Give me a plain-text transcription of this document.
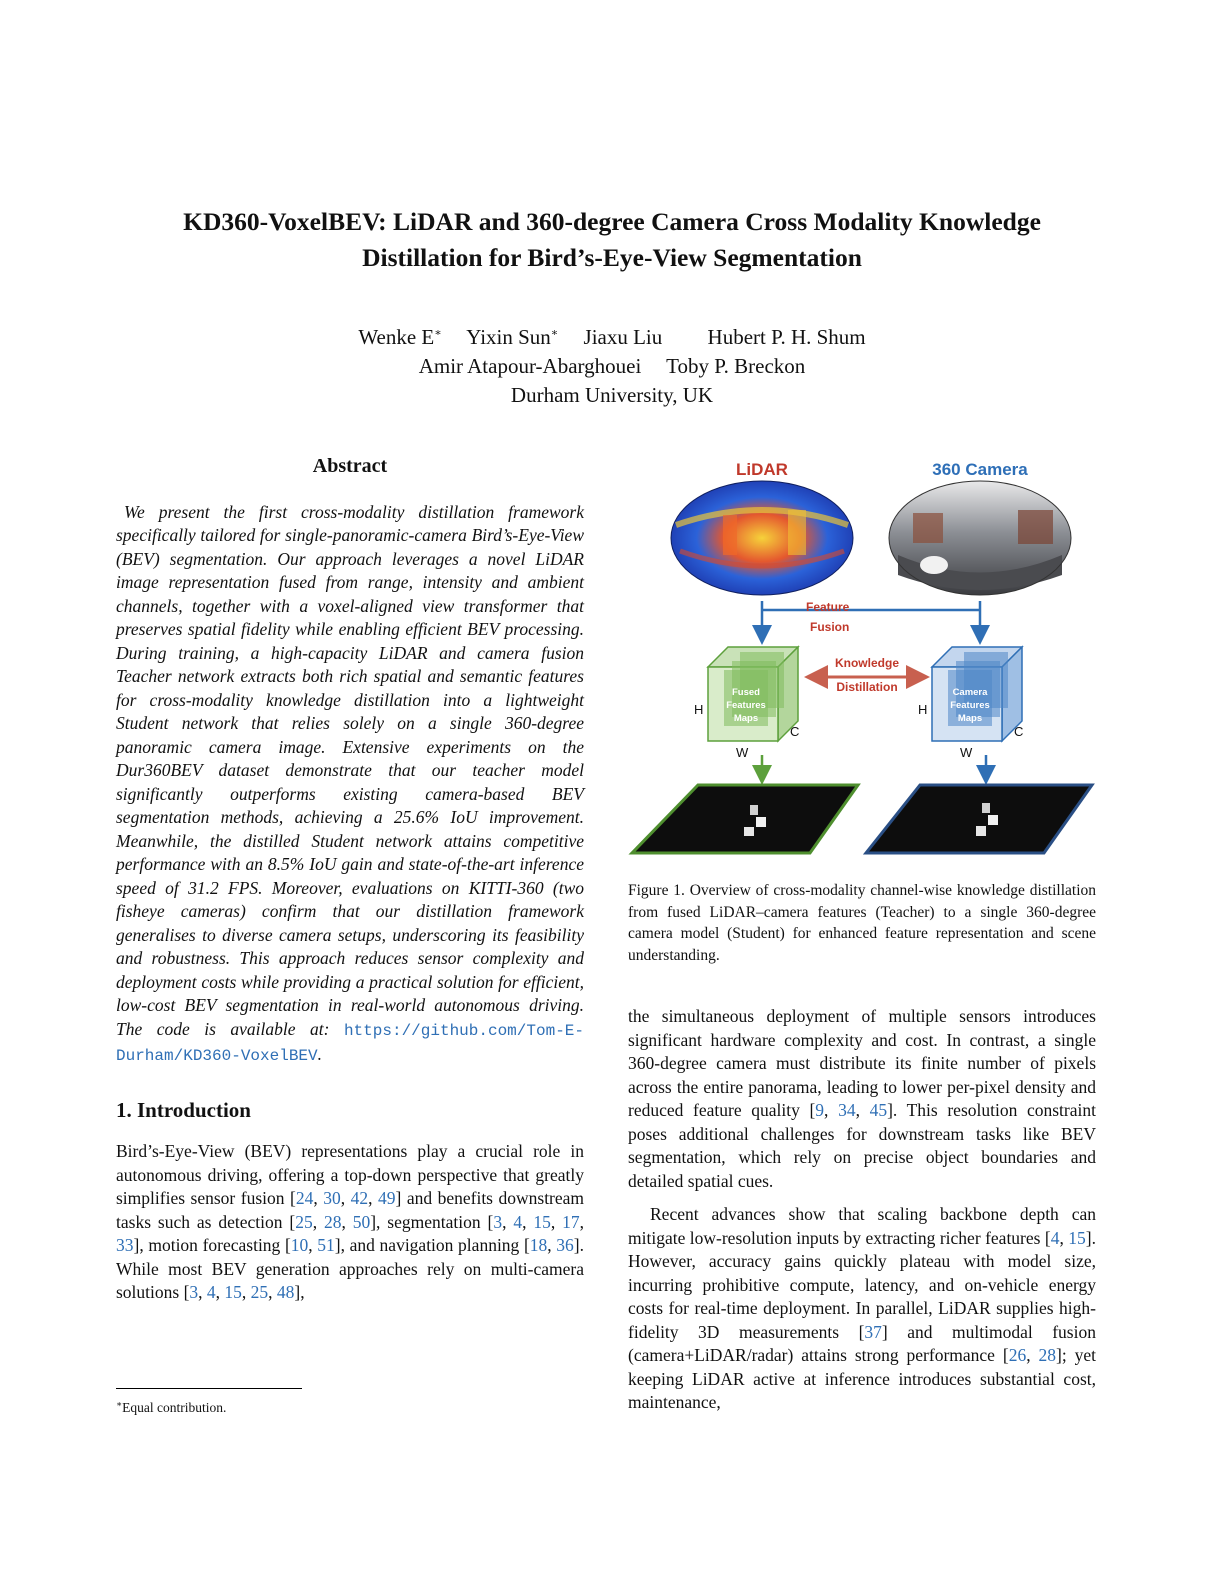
KD360-VoxelBEV: LiDAR and 360-degree Camera Cross Modality Knowledge
Distillation for Bird’s-Eye-View Segmentation
Wenke E∗ Yixin Sun∗ Jiaxu Liu Hubert P. H. Shum
Amir Atapour-Abarghouei Toby P. Breckon
Durham University, UK
Abstract

We present the first cross-modality distillation framework specifically tailored for single-panoramic-camera Bird’s-Eye-View (BEV) segmentation. Our approach leverages a novel LiDAR image representation fused from range, intensity and ambient channels, together with a voxel-aligned view transformer that preserves spatial fidelity while enabling efficient BEV processing. During training, a high-capacity LiDAR and camera fusion Teacher network extracts both rich spatial and semantic features for cross-modality knowledge distillation into a lightweight Student network that relies solely on a single 360-degree panoramic camera image. Extensive experiments on the Dur360BEV dataset demonstrate that our teacher model significantly outperforms existing camera-based BEV segmentation methods, achieving a 25.6% IoU improvement. Meanwhile, the distilled Student network attains competitive performance with an 8.5% IoU gain and state-of-the-art inference speed of 31.2 FPS. Moreover, evaluations on KITTI-360 (two fisheye cameras) confirm that our distillation framework generalises to diverse camera setups, underscoring its feasibility and robustness. This approach reduces sensor complexity and deployment costs while providing a practical solution for efficient, low-cost BEV segmentation in real-world autonomous driving. The code is available at: https://github.com/Tom-E-Durham/KD360-VoxelBEV.

1. Introduction

Bird’s-Eye-View (BEV) representations play a crucial role in autonomous driving, offering a top-down perspective that greatly simplifies sensor fusion [24, 30, 42, 49] and benefits downstream tasks such as detection [25, 28, 50], segmentation [3, 4, 15, 17, 33], motion forecasting [10, 51], and navigation planning [18, 36]. While most BEV generation approaches rely on multi-camera solutions [3, 4, 15, 25, 48],

∗Equal contribution.
LiDAR	360 Camera
Feature
Fusion
Fused
Features
Maps
H
W
C
Camera
Features
Maps
H
W
C
Knowledge
Distillation
Figure 1. Overview of cross-modality channel-wise knowledge distillation from fused LiDAR–camera features (Teacher) to a single 360-degree camera model (Student) for enhanced feature representation and scene understanding.

the simultaneous deployment of multiple sensors introduces significant hardware complexity and cost. In contrast, a single 360-degree camera must distribute its finite number of pixels across the entire panorama, leading to lower per-pixel density and reduced feature quality [9, 34, 45]. This resolution constraint poses additional challenges for downstream tasks like BEV segmentation, which rely on precise object boundaries and detailed spatial cues.

Recent advances show that scaling backbone depth can mitigate low-resolution inputs by extracting richer features [4, 15]. However, accuracy gains quickly plateau with model size, incurring prohibitive compute, latency, and on-vehicle energy costs for real-time deployment. In parallel, LiDAR supplies high-fidelity 3D measurements [37] and multimodal fusion (camera+LiDAR/radar) attains strong performance [26, 28]; yet keeping LiDAR active at inference introduces substantial cost, maintenance,
